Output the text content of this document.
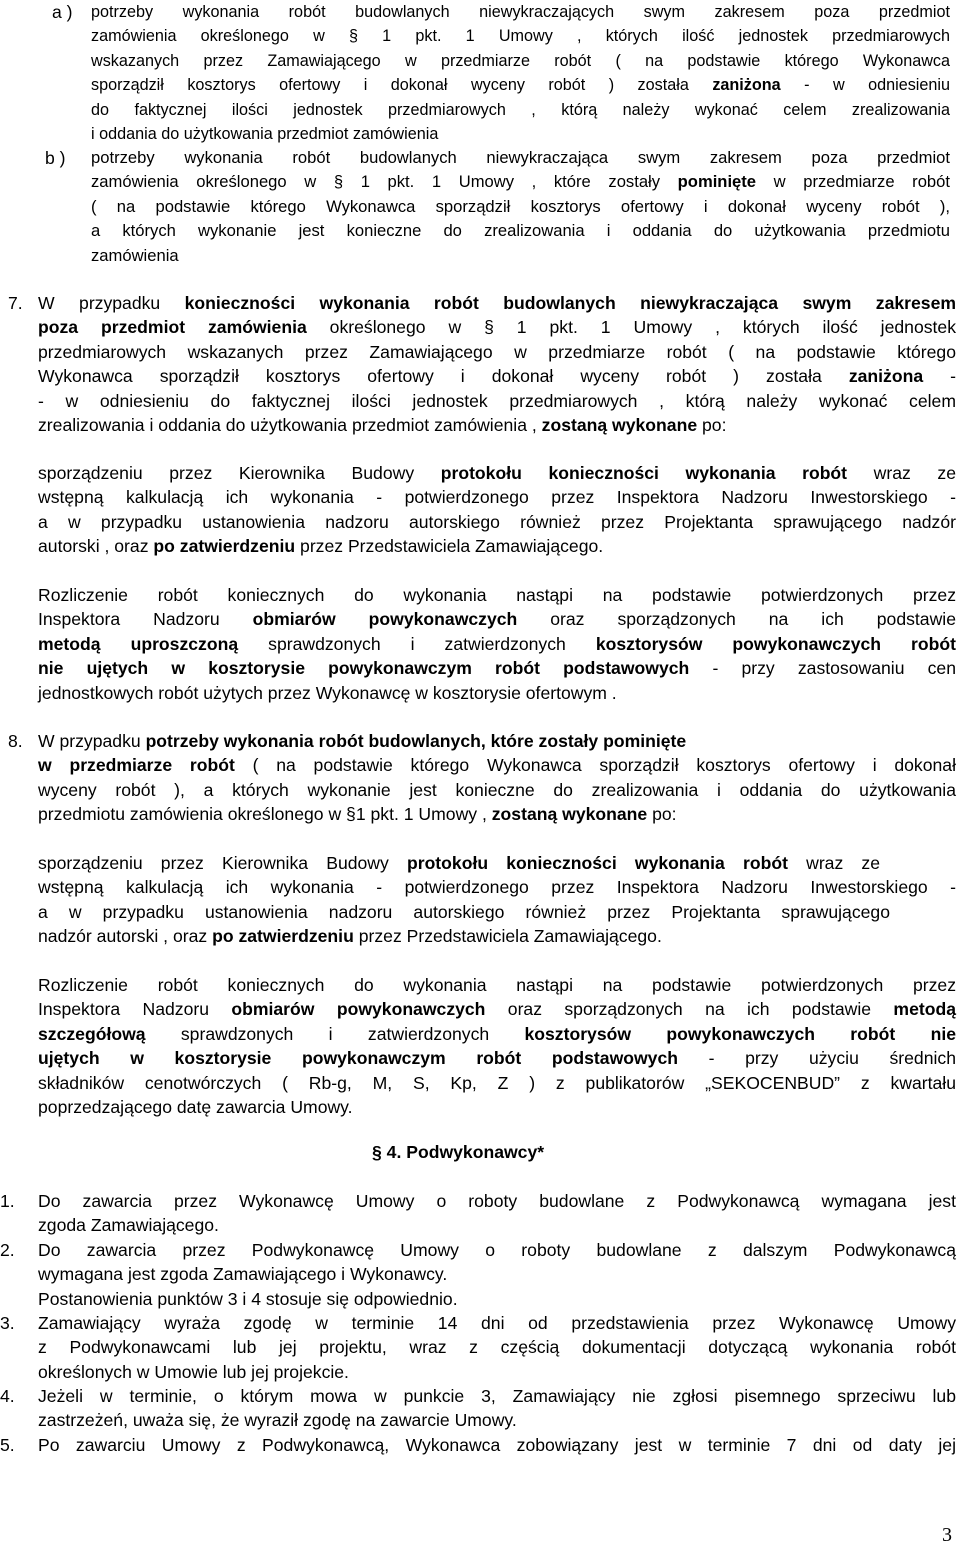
a ) potrzeby wykonania robót budowlanych niewykraczających swym zakresem poza przedmiot

zamówienia określonego w § 1 pkt. 1 Umowy , których ilość jednostek przedmiarowych

wskazanych przez Zamawiającego w przedmiarze robót ( na podstawie którego Wykonawca

sporządził kosztorys ofertowy i dokonał wyceny robót ) została zaniżona - w odniesieniu

do faktycznej ilości jednostek przedmiarowych , którą należy wykonać celem zrealizowania

i oddania do użytkowania przedmiot zamówienia

b ) potrzeby wykonania robót budowlanych niewykraczająca swym zakresem poza przedmiot

zamówienia określonego w § 1 pkt. 1 Umowy , które zostały pominięte w przedmiarze robót

( na podstawie którego Wykonawca sporządził kosztorys ofertowy i dokonał wyceny robót ),

a których wykonanie jest konieczne do zrealizowania i oddania do użytkowania przedmiotu

zamówienia

7. W przypadku konieczności wykonania robót budowlanych niewykraczająca swym zakresem

poza przedmiot zamówienia określonego w § 1 pkt. 1 Umowy , których ilość jednostek

przedmiarowych wskazanych przez Zamawiającego w przedmiarze robót ( na podstawie którego

Wykonawca sporządził kosztorys ofertowy i dokonał wyceny robót ) została zaniżona -

- w odniesieniu do faktycznej ilości jednostek przedmiarowych , którą należy wykonać celem

zrealizowania i oddania do użytkowania przedmiot zamówienia , zostaną wykonane po:

sporządzeniu przez Kierownika Budowy protokołu konieczności wykonania robót wraz ze

wstępną kalkulacją ich wykonania - potwierdzonego przez Inspektora Nadzoru Inwestorskiego -

a w przypadku ustanowienia nadzoru autorskiego również przez Projektanta sprawującego nadzór

autorski , oraz po zatwierdzeniu przez Przedstawiciela Zamawiającego.

Rozliczenie robót koniecznych do wykonania nastąpi na podstawie potwierdzonych przez

Inspektora Nadzoru obmiarów powykonawczych oraz sporządzonych na ich podstawie

metodą uproszczoną sprawdzonych i zatwierdzonych kosztorysów powykonawczych robót

nie ujętych w kosztorysie powykonawczym robót podstawowych - przy zastosowaniu cen

jednostkowych robót użytych przez Wykonawcę w kosztorysie ofertowym .

8. W przypadku potrzeby wykonania robót budowlanych, które zostały pominięte

w przedmiarze robót ( na podstawie którego Wykonawca sporządził kosztorys ofertowy i dokonał

wyceny robót ), a których wykonanie jest konieczne do zrealizowania i oddania do użytkowania

przedmiotu zamówienia określonego w §1 pkt. 1 Umowy , zostaną wykonane po:

sporządzeniu przez Kierownika Budowy protokołu konieczności wykonania robót wraz ze

wstępną kalkulacją ich wykonania - potwierdzonego przez Inspektora Nadzoru Inwestorskiego -

a w przypadku ustanowienia nadzoru autorskiego również przez Projektanta sprawującego

nadzór autorski , oraz po zatwierdzeniu przez Przedstawiciela Zamawiającego.

Rozliczenie robót koniecznych do wykonania nastąpi na podstawie potwierdzonych przez

Inspektora Nadzoru obmiarów powykonawczych oraz sporządzonych na ich podstawie metodą

szczegółową sprawdzonych i zatwierdzonych kosztorysów powykonawczych robót nie

ujętych w kosztorysie powykonawczym robót podstawowych - przy użyciu średnich

składników cenotwórczych ( Rb-g, M, S, Kp, Z ) z publikatorów „SEKOCENBUD” z kwartału

poprzedzającego datę zawarcia Umowy.

§ 4. Podwykonawcy*
1. Do zawarcia przez Wykonawcę Umowy o roboty budowlane z Podwykonawcą wymagana jest

zgoda Zamawiającego.

2. Do zawarcia przez Podwykonawcę Umowy o roboty budowlane z dalszym Podwykonawcą

wymagana jest zgoda Zamawiającego i Wykonawcy.

Postanowienia punktów 3 i 4 stosuje się odpowiednio.

3. Zamawiający wyraża zgodę w terminie 14 dni od przedstawienia przez Wykonawcę Umowy

z Podwykonawcami lub jej projektu, wraz z częścią dokumentacji dotyczącą wykonania robót

określonych w Umowie lub jej projekcie.

4. Jeżeli w terminie, o którym mowa w punkcie 3, Zamawiający nie zgłosi pisemnego sprzeciwu lub

zastrzeżeń, uważa się, że wyraził zgodę na zawarcie Umowy.

5. Po zawarciu Umowy z Podwykonawcą, Wykonawca zobowiązany jest w terminie 7 dni od daty jej

3
